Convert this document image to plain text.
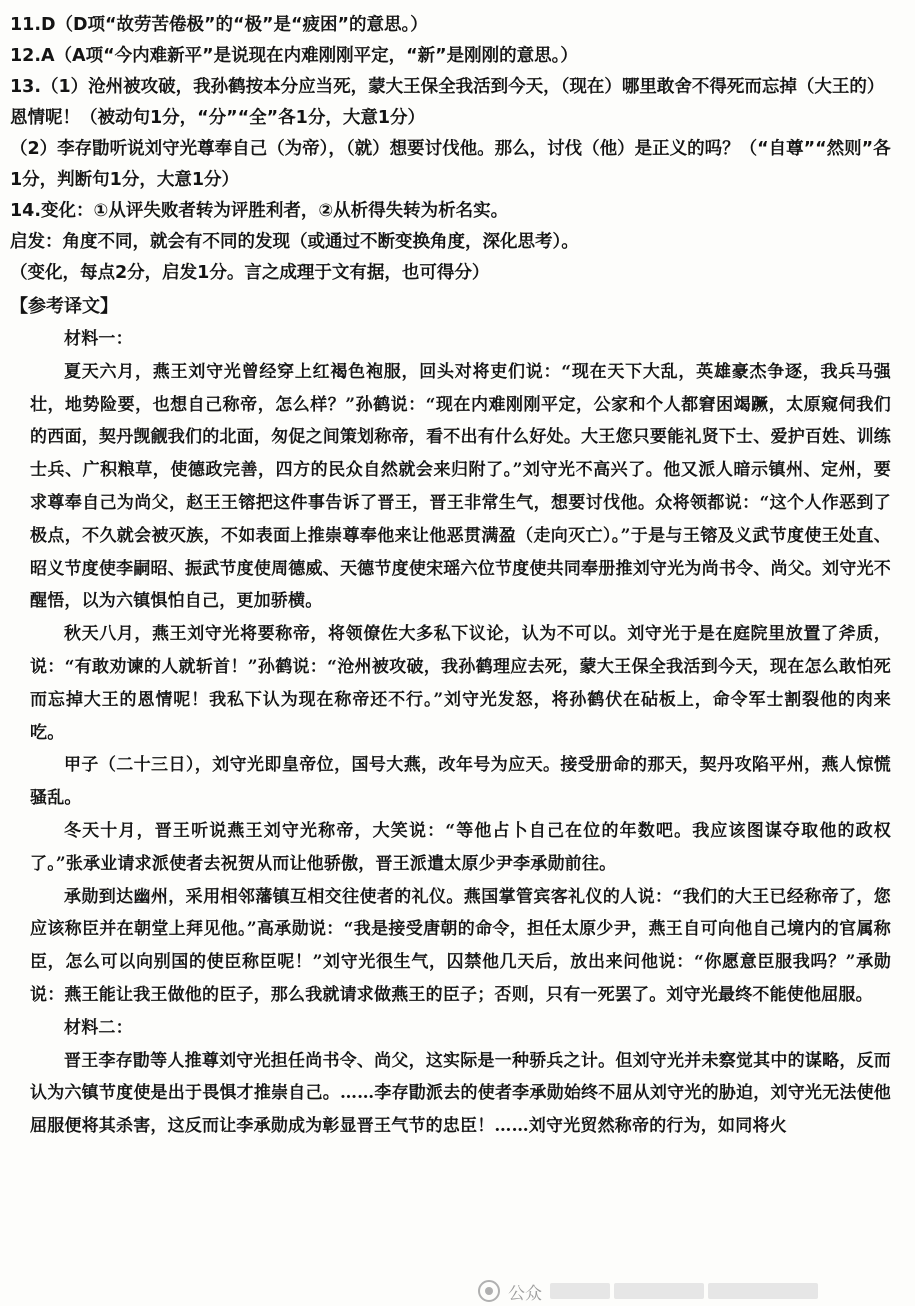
11.D（D项“故劳苦倦极”的“极”是“疲困”的意思。）

12.A（A项“今内难新平”是说现在内难刚刚平定，“新”是刚刚的意思。）

13.（1）沧州被攻破，我孙鹤按本分应当死，蒙大王保全我活到今天，（现在）哪里敢舍不得死而忘掉（大王的）恩情呢！（被动句1分，“分”“全”各1分，大意1分）

（2）李存勖听说刘守光尊奉自己（为帝），（就）想要讨伐他。那么，讨伐（他）是正义的吗？（“自尊”“然则”各1分，判断句1分，大意1分）

14.变化：①从评失败者转为评胜利者，②从析得失转为析名实。

启发：角度不同，就会有不同的发现（或通过不断变换角度，深化思考）。

（变化，每点2分，启发1分。言之成理于文有据，也可得分）

【参考译文】

材料一：

夏天六月，燕王刘守光曾经穿上红褐色袍服，回头对将吏们说：“现在天下大乱，英雄豪杰争逐，我兵马强壮，地势险要，也想自己称帝，怎么样？”孙鹤说：“现在内难刚刚平定，公家和个人都窘困竭蹶，太原窥伺我们的西面，契丹觊觎我们的北面，匆促之间策划称帝，看不出有什么好处。大王您只要能礼贤下士、爱护百姓、训练士兵、广积粮草，使德政完善，四方的民众自然就会来归附了。”刘守光不高兴了。他又派人暗示镇州、定州，要求尊奉自己为尚父，赵王王镕把这件事告诉了晋王，晋王非常生气，想要讨伐他。众将领都说：“这个人作恶到了极点，不久就会被灭族，不如表面上推崇尊奉他来让他恶贯满盈（走向灭亡）。”于是与王镕及义武节度使王处直、昭义节度使李嗣昭、振武节度使周德威、天德节度使宋瑶六位节度使共同奉册推刘守光为尚书令、尚父。刘守光不醒悟，以为六镇惧怕自己，更加骄横。

秋天八月，燕王刘守光将要称帝，将领僚佐大多私下议论，认为不可以。刘守光于是在庭院里放置了斧质，说：“有敢劝谏的人就斩首！”孙鹤说：“沧州被攻破，我孙鹤理应去死，蒙大王保全我活到今天，现在怎么敢怕死而忘掉大王的恩情呢！我私下认为现在称帝还不行。”刘守光发怒，将孙鹤伏在砧板上，命令军士割裂他的肉来吃。

甲子（二十三日），刘守光即皇帝位，国号大燕，改年号为应天。接受册命的那天，契丹攻陷平州，燕人惊慌骚乱。

冬天十月，晋王听说燕王刘守光称帝，大笑说：“等他占卜自己在位的年数吧。我应该图谋夺取他的政权了。”张承业请求派使者去祝贺从而让他骄傲，晋王派遣太原少尹李承勋前往。

承勋到达幽州，采用相邻藩镇互相交往使者的礼仪。燕国掌管宾客礼仪的人说：“我们的大王已经称帝了，您应该称臣并在朝堂上拜见他。”高承勋说：“我是接受唐朝的命令，担任太原少尹，燕王自可向他自己境内的官属称臣，怎么可以向别国的使臣称臣呢！”刘守光很生气，囚禁他几天后，放出来问他说：“你愿意臣服我吗？”承勋说：燕王能让我王做他的臣子，那么我就请求做燕王的臣子；否则，只有一死罢了。刘守光最终不能使他屈服。

材料二：

晋王李存勖等人推尊刘守光担任尚书令、尚父，这实际是一种骄兵之计。但刘守光并未察觉其中的谋略，反而认为六镇节度使是出于畏惧才推崇自己。……李存勖派去的使者李承勋始终不屈从刘守光的胁迫，刘守光无法使他屈服便将其杀害，这反而让李承勋成为彰显晋王气节的忠臣！……刘守光贸然称帝的行为，如同将火

公众
